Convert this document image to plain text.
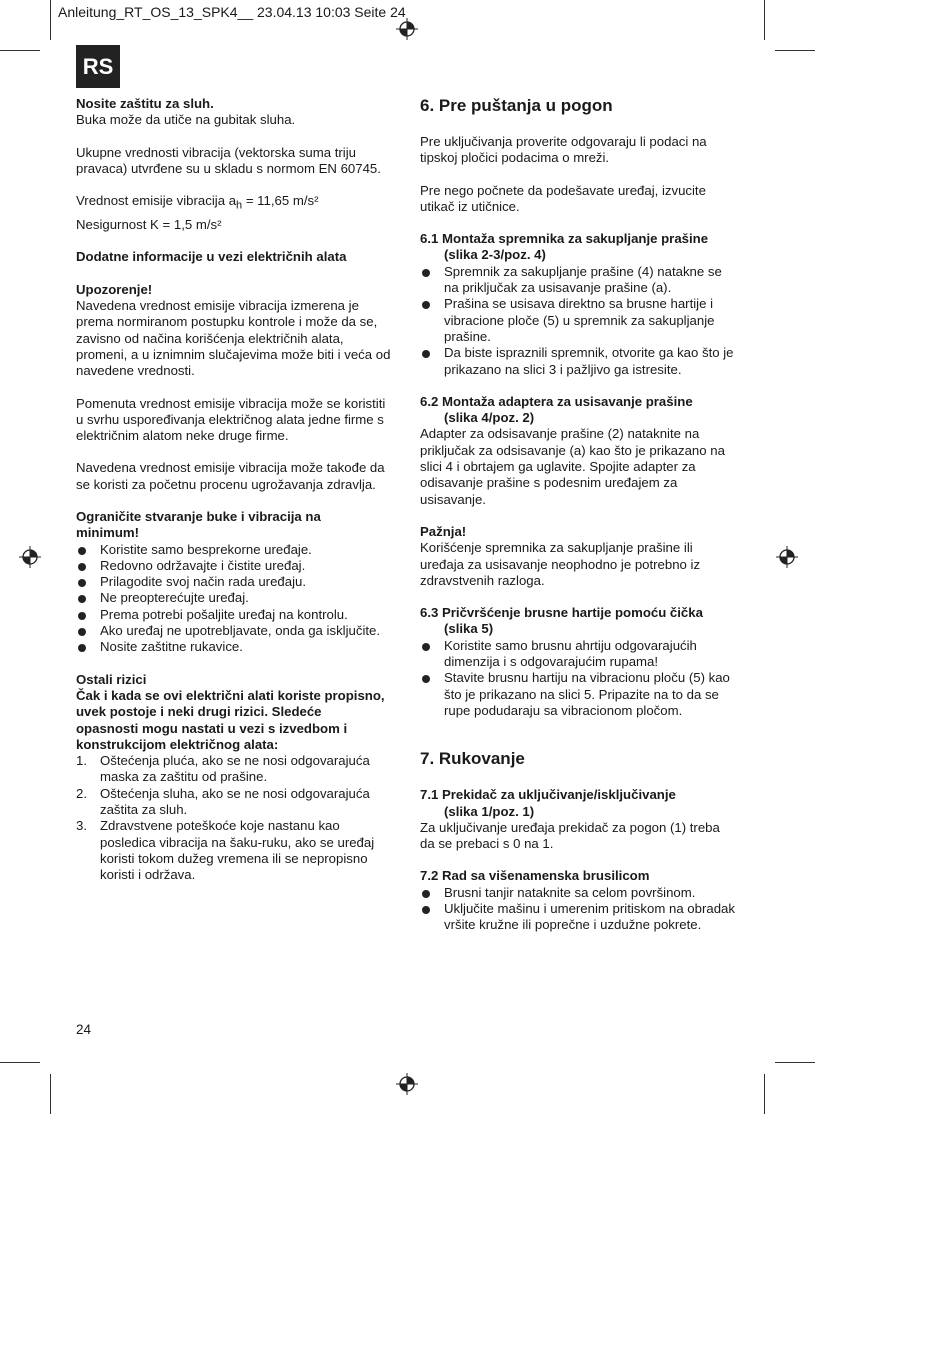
Anleitung_RT_OS_13_SPK4__ 23.04.13 10:03 Seite 24
RS

Nosite zaštitu za sluh.

Buka može da utiče na gubitak sluha.

Ukupne vrednosti vibracija (vektorska suma triju

pravaca) utvrđene su u skladu s normom EN 60745.

Vrednost emisije vibracija $a_h = 11,65$ m/s²

Nesigurnost K = 1,5 m/s²

Dodatne informacije u vezi električnih alata

Upozorenje!

Navedena vrednost emisije vibracija izmerena je

prema normiranom postupku kontrole i može da se,

zavisno od načina korišćenja električnih alata,

promeni, a u iznimnim slučajevima može biti i veća od

navedene vrednosti.

Pomenuta vrednost emisije vibracija može se koristiti

u svrhu uspoređivanja električnog alata jedne firme s

električnim alatom neke druge firme.

Navedena vrednost emisije vibracija može takođe da

se koristi za početnu procenu ugrožavanja zdravlja.

Ograničite stvaranje buke i vibracija na

minimum!

Koristite samo besprekorne uređaje.

Redovno održavajte i čistite uređaj.

Prilagodite svoj način rada uređaju.

Ne preopterećujte uređaj.

Prema potrebi pošaljite uređaj na kontrolu.

Ako uređaj ne upotrebljavate, onda ga isključite.

Nosite zaštitne rukavice.

Ostali rizici

Čak i kada se ovi električni alati koriste propisno,

uvek postoje i neki drugi rizici. Sledeće

opasnosti mogu nastati u vezi s izvedbom i

konstrukcijom električnog alata:

1. Oštećenja pluća, ako se ne nosi odgovarajuća

maska za zaštitu od prašine.

2. Oštećenja sluha, ako se ne nosi odgovarajuća

zaštita za sluh.

3. Zdravstvene poteškoće koje nastanu kao

posledica vibracija na šaku-ruku, ako se uređaj

koristi tokom dužeg vremena ili se nepropisno

koristi i održava.

6. Pre puštanja u pogon

Pre uključivanja proverite odgovaraju li podaci na

tipskoj pločici podacima o mreži.

Pre nego počnete da podešavate uređaj, izvucite

utikač iz utičnice.

6.1 Montaža spremnika za sakupljanje prašine

(slika 2-3/poz. 4)

Spremnik za sakupljanje prašine (4) natakne se

na priključak za usisavanje prašine (a).

Prašina se usisava direktno sa brusne hartije i

vibracione ploče (5) u spremnik za sakupljanje

prašine.

Da biste ispraznili spremnik, otvorite ga kao što je

prikazano na slici 3 i pažljivo ga istresite.

6.2 Montaža adaptera za usisavanje prašine

(slika 4/poz. 2)

Adapter za odsisavanje prašine (2) nataknite na

priključak za odsisavanje (a) kao što je prikazano na

slici 4 i obrtajem ga uglavite. Spojite adapter za

odisavanje prašine s podesnim uređajem za

usisavanje.

Pažnja!

Korišćenje spremnika za sakupljanje prašine ili

uređaja za usisavanje neophodno je potrebno iz

zdravstvenih razloga.

6.3 Pričvršćenje brusne hartije pomoću čička

(slika 5)

Koristite samo brusnu ahrtiju odgovarajućih

dimenzija i s odgovarajućim rupama!

Stavite brusnu hartiju na vibracionu ploču (5) kao

što je prikazano na slici 5. Pripazite na to da se

rupe podudaraju sa vibracionom pločom.

7. Rukovanje

7.1 Prekidač za uključivanje/isključivanje

(slika 1/poz. 1)

Za uključivanje uređaja prekidač za pogon (1) treba

da se prebaci s 0 na 1.

7.2 Rad sa višenamenska brusilicom

Brusni tanjir nataknite sa celom površinom.

Uključite mašinu i umerenim pritiskom na obradak

vršite kružne ili poprečne i uzdužne pokrete.

24
